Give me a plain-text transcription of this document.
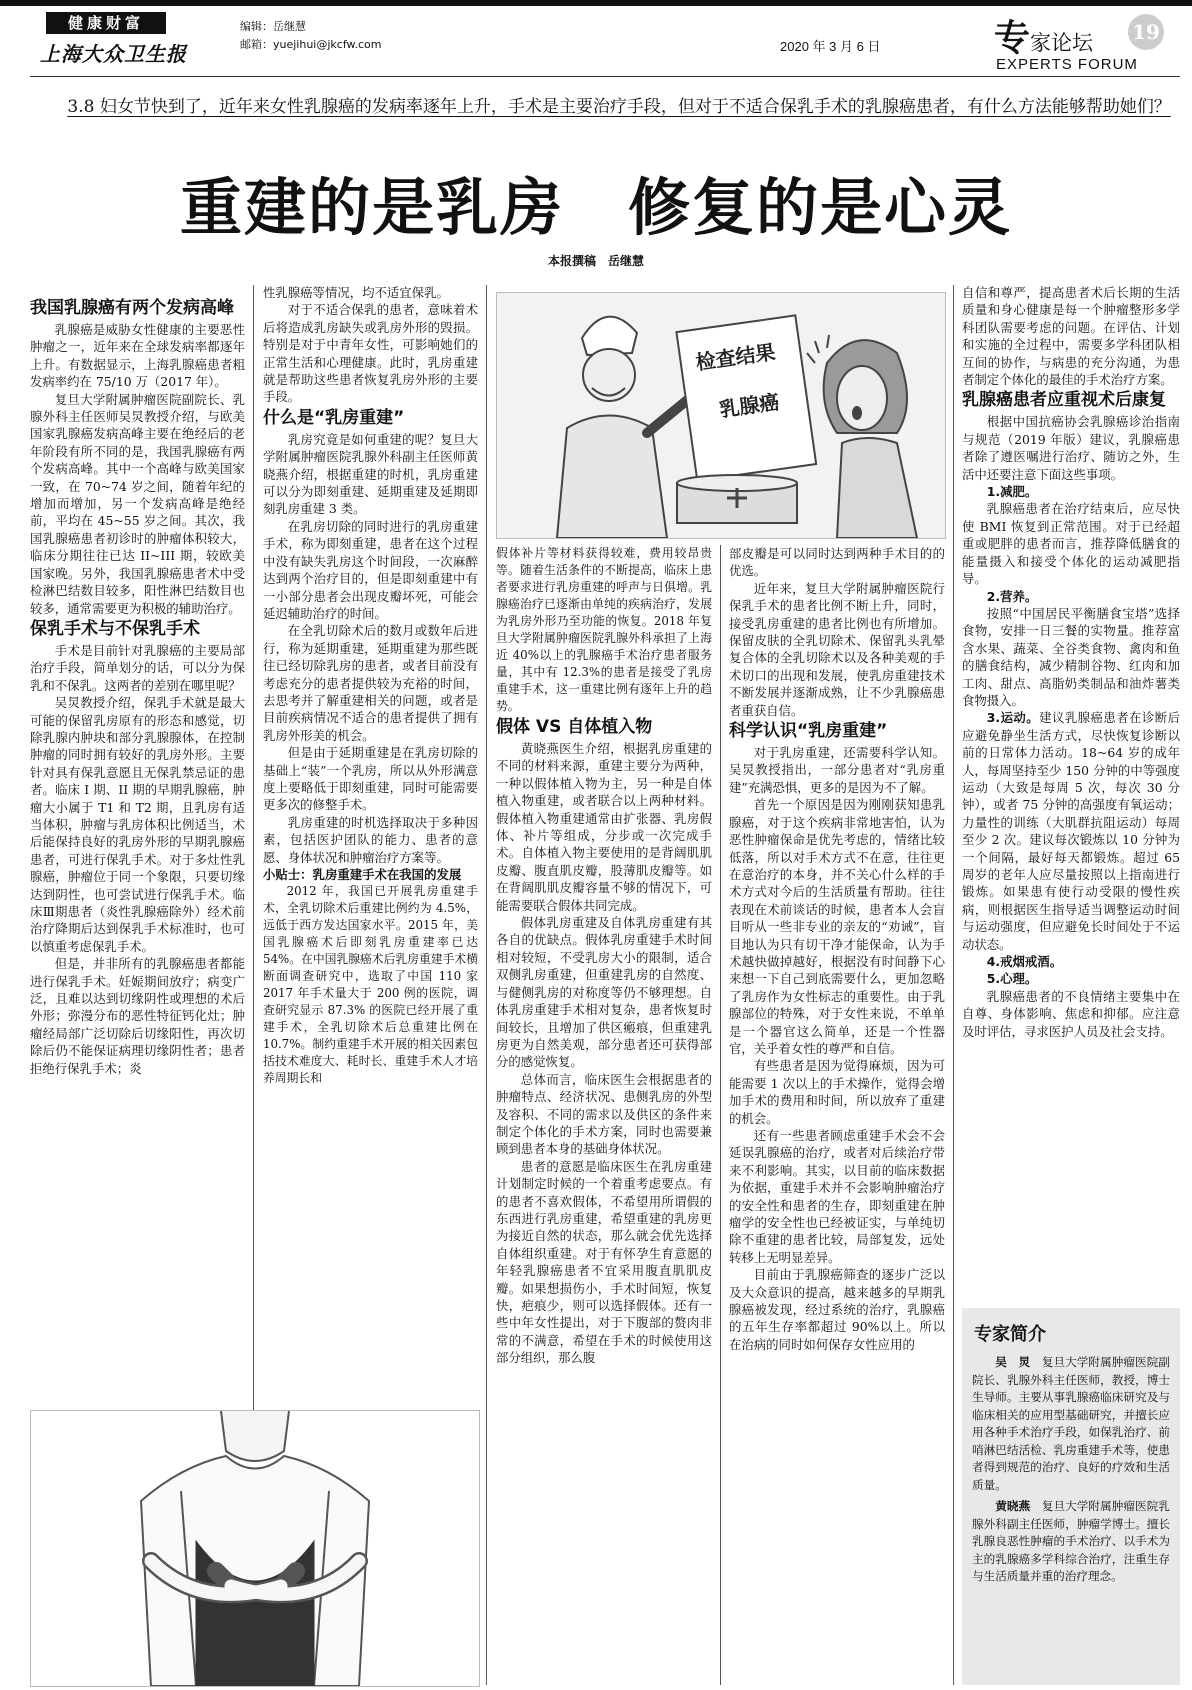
健康财富
上海大众卫生报
编辑：岳继慧
邮箱：yuejihui@jkcfw.com	2020 年 3 月 6 日	专家论坛
EXPERTS FORUM
19
3.8 妇女节快到了，近年来女性乳腺癌的发病率逐年上升，手术是主要治疗手段，但对于不适合保乳手术的乳腺癌患者，有什么方法能够帮助她们？
重建的是乳房　修复的是心灵
本报撰稿　岳继慧

我国乳腺癌有两个发病高峰

乳腺癌是威胁女性健康的主要恶性肿瘤之一，近年来在全球发病率都逐年上升。有数据显示，上海乳腺癌患者粗发病率约在 75/10 万（2017 年）。

复旦大学附属肿瘤医院副院长、乳腺外科主任医师吴炅教授介绍，与欧美国家乳腺癌发病高峰主要在绝经后的老年阶段有所不同的是，我国乳腺癌有两个发病高峰。其中一个高峰与欧美国家一致，在 70~74 岁之间，随着年纪的增加而增加，另一个发病高峰是绝经前，平均在 45~55 岁之间。其次，我国乳腺癌患者初诊时的肿瘤体积较大，临床分期往往已达 II~III 期，较欧美国家晚。另外，我国乳腺癌患者术中受检淋巴结数目较多，阳性淋巴结数目也较多，通常需要更为积极的辅助治疗。

保乳手术与不保乳手术

手术是目前针对乳腺癌的主要局部治疗手段，简单划分的话，可以分为保乳和不保乳。这两者的差别在哪里呢？

吴炅教授介绍，保乳手术就是最大可能的保留乳房原有的形态和感觉，切除乳腺内肿块和部分乳腺腺体，在控制肿瘤的同时拥有较好的乳房外形。主要针对具有保乳意愿且无保乳禁忌证的患者。临床 I 期、II 期的早期乳腺癌，肿瘤大小属于 T1 和 T2 期，且乳房有适当体积，肿瘤与乳房体积比例适当，术后能保持良好的乳房外形的早期乳腺癌患者，可进行保乳手术。对于多灶性乳腺癌，肿瘤位于同一个象限，只要切缘达到阴性，也可尝试进行保乳手术。临床Ⅲ期患者（炎性乳腺癌除外）经术前治疗降期后达到保乳手术标准时，也可以慎重考虑保乳手术。

但是，并非所有的乳腺癌患者都能进行保乳手术。妊娠期间放疗；病变广泛，且难以达到切缘阴性或理想的术后外形；弥漫分布的恶性特征钙化灶；肿瘤经局部广泛切除后切缘阳性，再次切除后仍不能保证病理切缘阴性者；患者拒绝行保乳手术；炎

性乳腺癌等情况，均不适宜保乳。

对于不适合保乳的患者，意味着术后将造成乳房缺失或乳房外形的毁损。特别是对于中青年女性，可影响她们的正常生活和心理健康。此时，乳房重建就是帮助这些患者恢复乳房外形的主要手段。

什么是“乳房重建”

乳房究竟是如何重建的呢？复旦大学附属肿瘤医院乳腺外科副主任医师黄晓燕介绍，根据重建的时机，乳房重建可以分为即刻重建、延期重建及延期即刻乳房重建 3 类。

在乳房切除的同时进行的乳房重建手术，称为即刻重建，患者在这个过程中没有缺失乳房这个时间段，一次麻醉达到两个治疗目的，但是即刻重建中有一小部分患者会出现皮瓣坏死，可能会延迟辅助治疗的时间。

在全乳切除术后的数月或数年后进行，称为延期重建，延期重建为那些既往已经切除乳房的患者，或者目前没有考虑充分的患者提供较为充裕的时间，去思考并了解重建相关的问题，或者是目前疾病情况不适合的患者提供了拥有乳房外形美的机会。

但是由于延期重建是在乳房切除的基础上“装”一个乳房，所以从外形满意度上要略低于即刻重建，同时可能需要更多次的修整手术。

乳房重建的时机选择取决于多种因素，包括医护团队的能力、患者的意愿、身体状况和肿瘤治疗方案等。

小贴士：乳房重建手术在我国的发展

2012 年，我国已开展乳房重建手术，全乳切除术后重建比例约为 4.5%，远低于西方发达国家水平。2015 年，美国乳腺癌术后即刻乳房重建率已达 54%。在中国乳腺癌术后乳房重建手术横断面调查研究中，选取了中国 110 家 2017 年手术量大于 200 例的医院，调查研究显示 87.3% 的医院已经开展了重建手术，全乳切除术后总重建比例在 10.7%。制约重建手术开展的相关因素包括技术难度大、耗时长、重建手术人才培养周期长和

检查结果
乳腺癌

假体补片等材料获得较难，费用较昂贵等。随着生活条件的不断提高，临床上患者要求进行乳房重建的呼声与日俱增。乳腺癌治疗已逐渐由单纯的疾病治疗，发展为乳房外形乃至功能的恢复。2018 年复旦大学附属肿瘤医院乳腺外科承担了上海近 40%以上的乳腺癌手术治疗患者服务量，其中有 12.3%的患者是接受了乳房重建手术，这一重建比例有逐年上升的趋势。

假体 VS 自体植入物

黄晓燕医生介绍，根据乳房重建的不同的材料来源，重建主要分为两种，一种以假体植入物为主，另一种是自体植入物重建，或者联合以上两种材料。假体植入物重建通常由扩张器、乳房假体、补片等组成，分步或一次完成手术。自体植入物主要使用的是背阔肌肌皮瓣、腹直肌皮瓣，股薄肌皮瓣等。如在背阔肌肌皮瓣容量不够的情况下，可能需要联合假体共同完成。

假体乳房重建及自体乳房重建有其各自的优缺点。假体乳房重建手术时间相对较短，不受乳房大小的限制，适合双侧乳房重建，但重建乳房的自然度、与健侧乳房的对称度等仍不够理想。自体乳房重建手术相对复杂，患者恢复时间较长，且增加了供区瘢痕，但重建乳房更为自然美观，部分患者还可获得部分的感觉恢复。

总体而言，临床医生会根据患者的肿瘤特点、经济状况、患侧乳房的外型及容积、不同的需求以及供区的条件来制定个体化的手术方案，同时也需要兼顾到患者本身的基础身体状况。

患者的意愿是临床医生在乳房重建计划制定时候的一个着重考虑要点。有的患者不喜欢假体，不希望用所谓假的东西进行乳房重建，希望重建的乳房更为接近自然的状态，那么就会优先选择自体组织重建。对于有怀孕生育意愿的年轻乳腺癌患者不宜采用腹直肌肌皮瓣。如果想损伤小，手术时间短，恢复快，疤痕少，则可以选择假体。还有一些中年女性提出，对于下腹部的赘肉非常的不满意，希望在手术的时候使用这部分组织，那么腹

部皮瓣是可以同时达到两种手术目的的优选。

近年来，复旦大学附属肿瘤医院行保乳手术的患者比例不断上升，同时，接受乳房重建的患者比例也有所增加。保留皮肤的全乳切除术、保留乳头乳晕复合体的全乳切除术以及各种美观的手术切口的出现和发展，使乳房重建技术不断发展并逐渐成熟，让不少乳腺癌患者重获自信。

科学认识“乳房重建”

对于乳房重建，还需要科学认知。吴炅教授指出，一部分患者对“乳房重建”充满恐惧，更多的是因为不了解。

首先一个原因是因为刚刚获知患乳腺癌，对于这个疾病非常地害怕，认为恶性肿瘤保命是优先考虑的，情绪比较低落，所以对手术方式不在意，往往更在意治疗的本身，并不关心什么样的手术方式对今后的生活质量有帮助。往往表现在术前谈话的时候，患者本人会盲目听从一些非专业的亲友的“劝诫”，盲目地认为只有切干净才能保命，认为手术越快做掉越好，根据没有时间静下心来想一下自己到底需要什么，更加忽略了乳房作为女性标志的重要性。由于乳腺部位的特殊，对于女性来说，不单单是一个器官这么简单，还是一个性器官，关乎着女性的尊严和自信。

有些患者是因为觉得麻烦，因为可能需要 1 次以上的手术操作，觉得会增加手术的费用和时间，所以放弃了重建的机会。

还有一些患者顾虑重建手术会不会延误乳腺癌的治疗，或者对后续治疗带来不利影响。其实，以目前的临床数据为依据，重建手术并不会影响肿瘤治疗的安全性和患者的生存，即刻重建在肿瘤学的安全性也已经被证实，与单纯切除不重建的患者比较，局部复发，远处转移上无明显差异。

目前由于乳腺癌筛查的逐步广泛以及大众意识的提高，越来越多的早期乳腺癌被发现，经过系统的治疗，乳腺癌的五年生存率都超过 90%以上。所以在治病的同时如何保存女性应用的

自信和尊严，提高患者术后长期的生活质量和身心健康是每一个肿瘤整形多学科团队需要考虑的问题。在评估、计划和实施的全过程中，需要多学科团队相互间的协作，与病患的充分沟通，为患者制定个体化的最佳的手术治疗方案。

乳腺癌患者应重视术后康复

根据中国抗癌协会乳腺癌诊治指南与规范（2019 年版）建议，乳腺癌患者除了遵医嘱进行治疗、随访之外，生活中还要注意下面这些事项。

1.减肥。

乳腺癌患者在治疗结束后，应尽快使 BMI 恢复到正常范围。对于已经超重或肥胖的患者而言，推荐降低膳食的能量摄入和接受个体化的运动减肥指导。

2.营养。

按照“中国居民平衡膳食宝塔”选择食物，安排一日三餐的实物量。推荐富含水果、蔬菜、全谷类食物、禽肉和鱼的膳食结构，减少精制谷物、红肉和加工肉、甜点、高脂奶类制品和油炸薯类食物摄入。

3.运动。建议乳腺癌患者在诊断后应避免静坐生活方式，尽快恢复诊断以前的日常体力活动。18~64 岁的成年人，每周坚持至少 150 分钟的中等强度运动（大致是每周 5 次，每次 30 分钟），或者 75 分钟的高强度有氧运动；力量性的训练（大肌群抗阻运动）每周至少 2 次。建议每次锻炼以 10 分钟为一个间隔，最好每天都锻炼。超过 65 周岁的老年人应尽量按照以上指南进行锻炼。如果患有使行动受限的慢性疾病，则根据医生指导适当调整运动时间与运动强度，但应避免长时间处于不运动状态。

4.戒烟戒酒。

5.心理。

乳腺癌患者的不良情绪主要集中在自尊、身体影响、焦虑和抑郁。应注意及时评估，寻求医护人员及社会支持。

专家简介

吴　炅　 复旦大学附属肿瘤医院副院长、乳腺外科主任医师，教授，博士生导师。主要从事乳腺癌临床研究及与临床相关的应用型基础研究，并擅长应用各种手术治疗手段，如保乳治疗、前哨淋巴结活检、乳房重建手术等，使患者得到规范的治疗、良好的疗效和生活质量。

黄晓燕　 复旦大学附属肿瘤医院乳腺外科副主任医师，肿瘤学博士。擅长乳腺良恶性肿瘤的手术治疗、以手术为主的乳腺癌多学科综合治疗，注重生存与生活质量并重的治疗理念。
